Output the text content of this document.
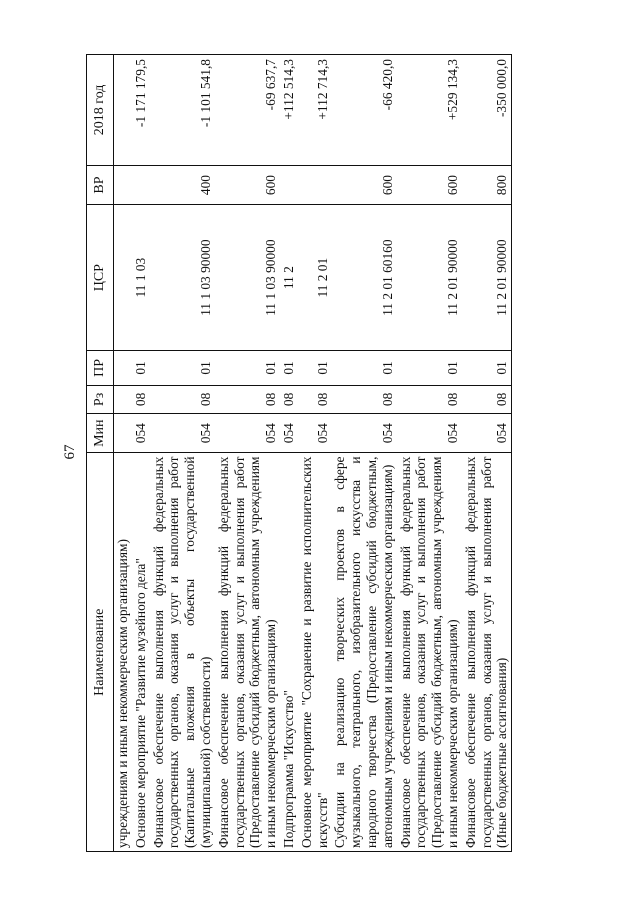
67
Наименование	Мин	Рз	ПР	ЦСР	ВР	2018 год
учреждениям и иным некоммерческим организациям)						
Основное мероприятие "Развитие музейного дела"	054	08	01	11 1 03		-1 171 179,5
Финансовое обеспечение выполнения функций федеральных государственных органов, оказания услуг и выполнения работ (Капитальные вложения в объекты государственной (муниципальной) собственности)	054	08	01	11 1 03 90000	400	-1 101 541,8
Финансовое обеспечение выполнения функций федеральных государственных органов, оказания услуг и выполнения работ (Предоставление субсидий бюджетным, автономным учреждениям и иным некоммерческим организациям)	054	08	01	11 1 03 90000	600	-69 637,7
Подпрограмма "Искусство"	054	08	01	11 2		+112 514,3
Основное мероприятие "Сохранение и развитие исполнительских искусств"	054	08	01	11 2 01		+112 714,3
Субсидии на реализацию творческих проектов в сфере музыкального, театрального, изобразительного искусства и народного творчества (Предоставление субсидий бюджетным, автономным учреждениям и иным некоммерческим организациям)	054	08	01	11 2 01 60160	600	-66 420,0
Финансовое обеспечение выполнения функций федеральных государственных органов, оказания услуг и выполнения работ (Предоставление субсидий бюджетным, автономным учреждениям и иным некоммерческим организациям)	054	08	01	11 2 01 90000	600	+529 134,3
Финансовое обеспечение выполнения функций федеральных государственных органов, оказания услуг и выполнения работ (Иные бюджетные ассигнования)	054	08	01	11 2 01 90000	800	-350 000,0
